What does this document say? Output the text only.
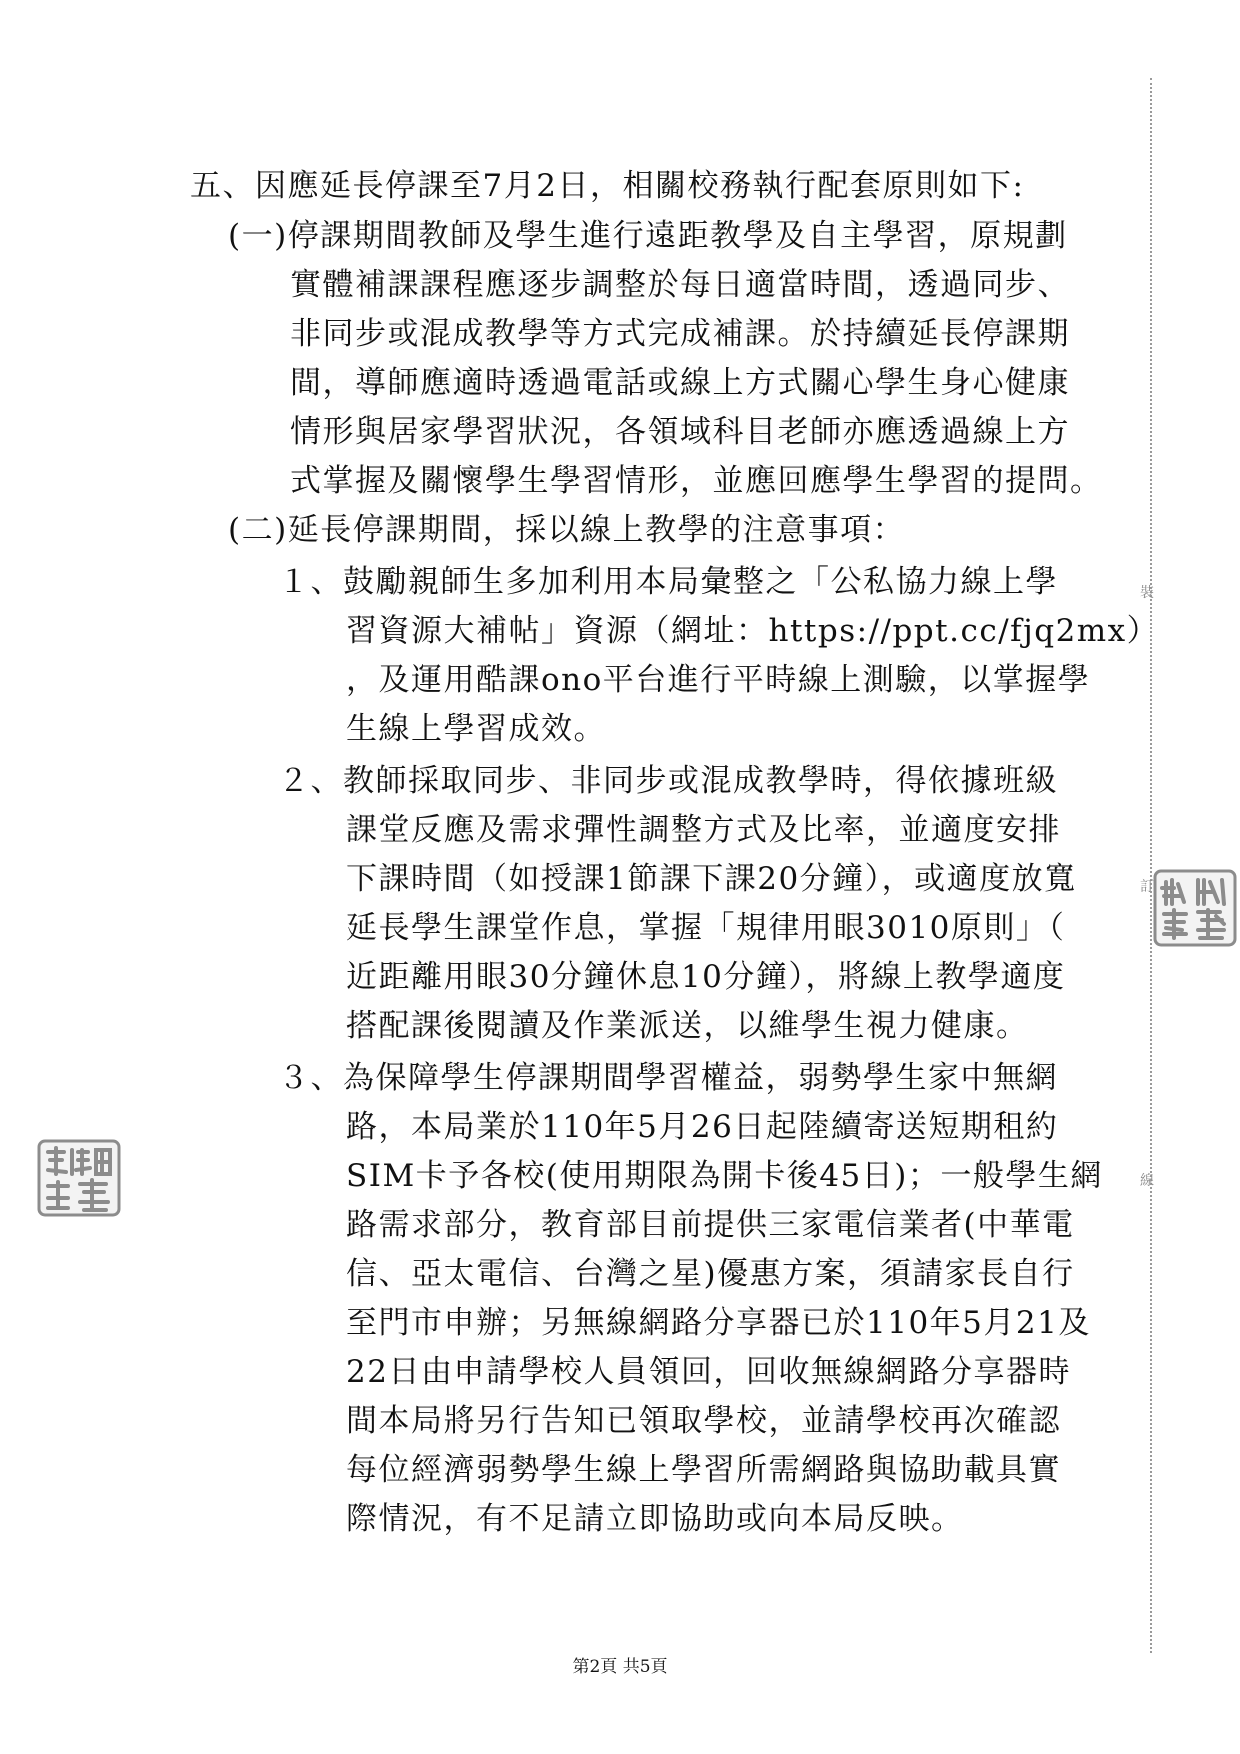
五、因應延長停課至7月2日，相關校務執行配套原則如下:
(一)停課期間教師及學生進行遠距教學及自主學習，原規劃
實體補課課程應逐步調整於每日適當時間，透過同步、
非同步或混成教學等方式完成補課。於持續延長停課期
間，導師應適時透過電話或線上方式關心學生身心健康
情形與居家學習狀況，各領域科目老師亦應透過線上方
式掌握及關懷學生學習情形，並應回應學生學習的提問。
(二)延長停課期間，採以線上教學的注意事項：
１、鼓勵親師生多加利用本局彙整之「公私協力線上學
習資源大補帖」資源（網址：https://ppt.cc/fjq2mx）
，及運用酷課ono平台進行平時線上測驗，以掌握學
生線上學習成效。
２、教師採取同步、非同步或混成教學時，得依據班級
課堂反應及需求彈性調整方式及比率，並適度安排
下課時間（如授課1節課下課20分鐘），或適度放寬
延長學生課堂作息，掌握「規律用眼3010原則」（
近距離用眼30分鐘休息10分鐘），將線上教學適度
搭配課後閱讀及作業派送，以維學生視力健康。
３、為保障學生停課期間學習權益，弱勢學生家中無網
路，本局業於110年5月26日起陸續寄送短期租約
SIM卡予各校(使用期限為開卡後45日)；一般學生網
路需求部分，教育部目前提供三家電信業者(中華電
信、亞太電信、台灣之星)優惠方案，須請家長自行
至門市申辦；另無線網路分享器已於110年5月21及
22日由申請學校人員領回，回收無線網路分享器時
間本局將另行告知已領取學校，並請學校再次確認
每位經濟弱勢學生線上學習所需網路與協助載具實
際情況，有不足請立即協助或向本局反映。
裝
訂
線
第2頁 共5頁
